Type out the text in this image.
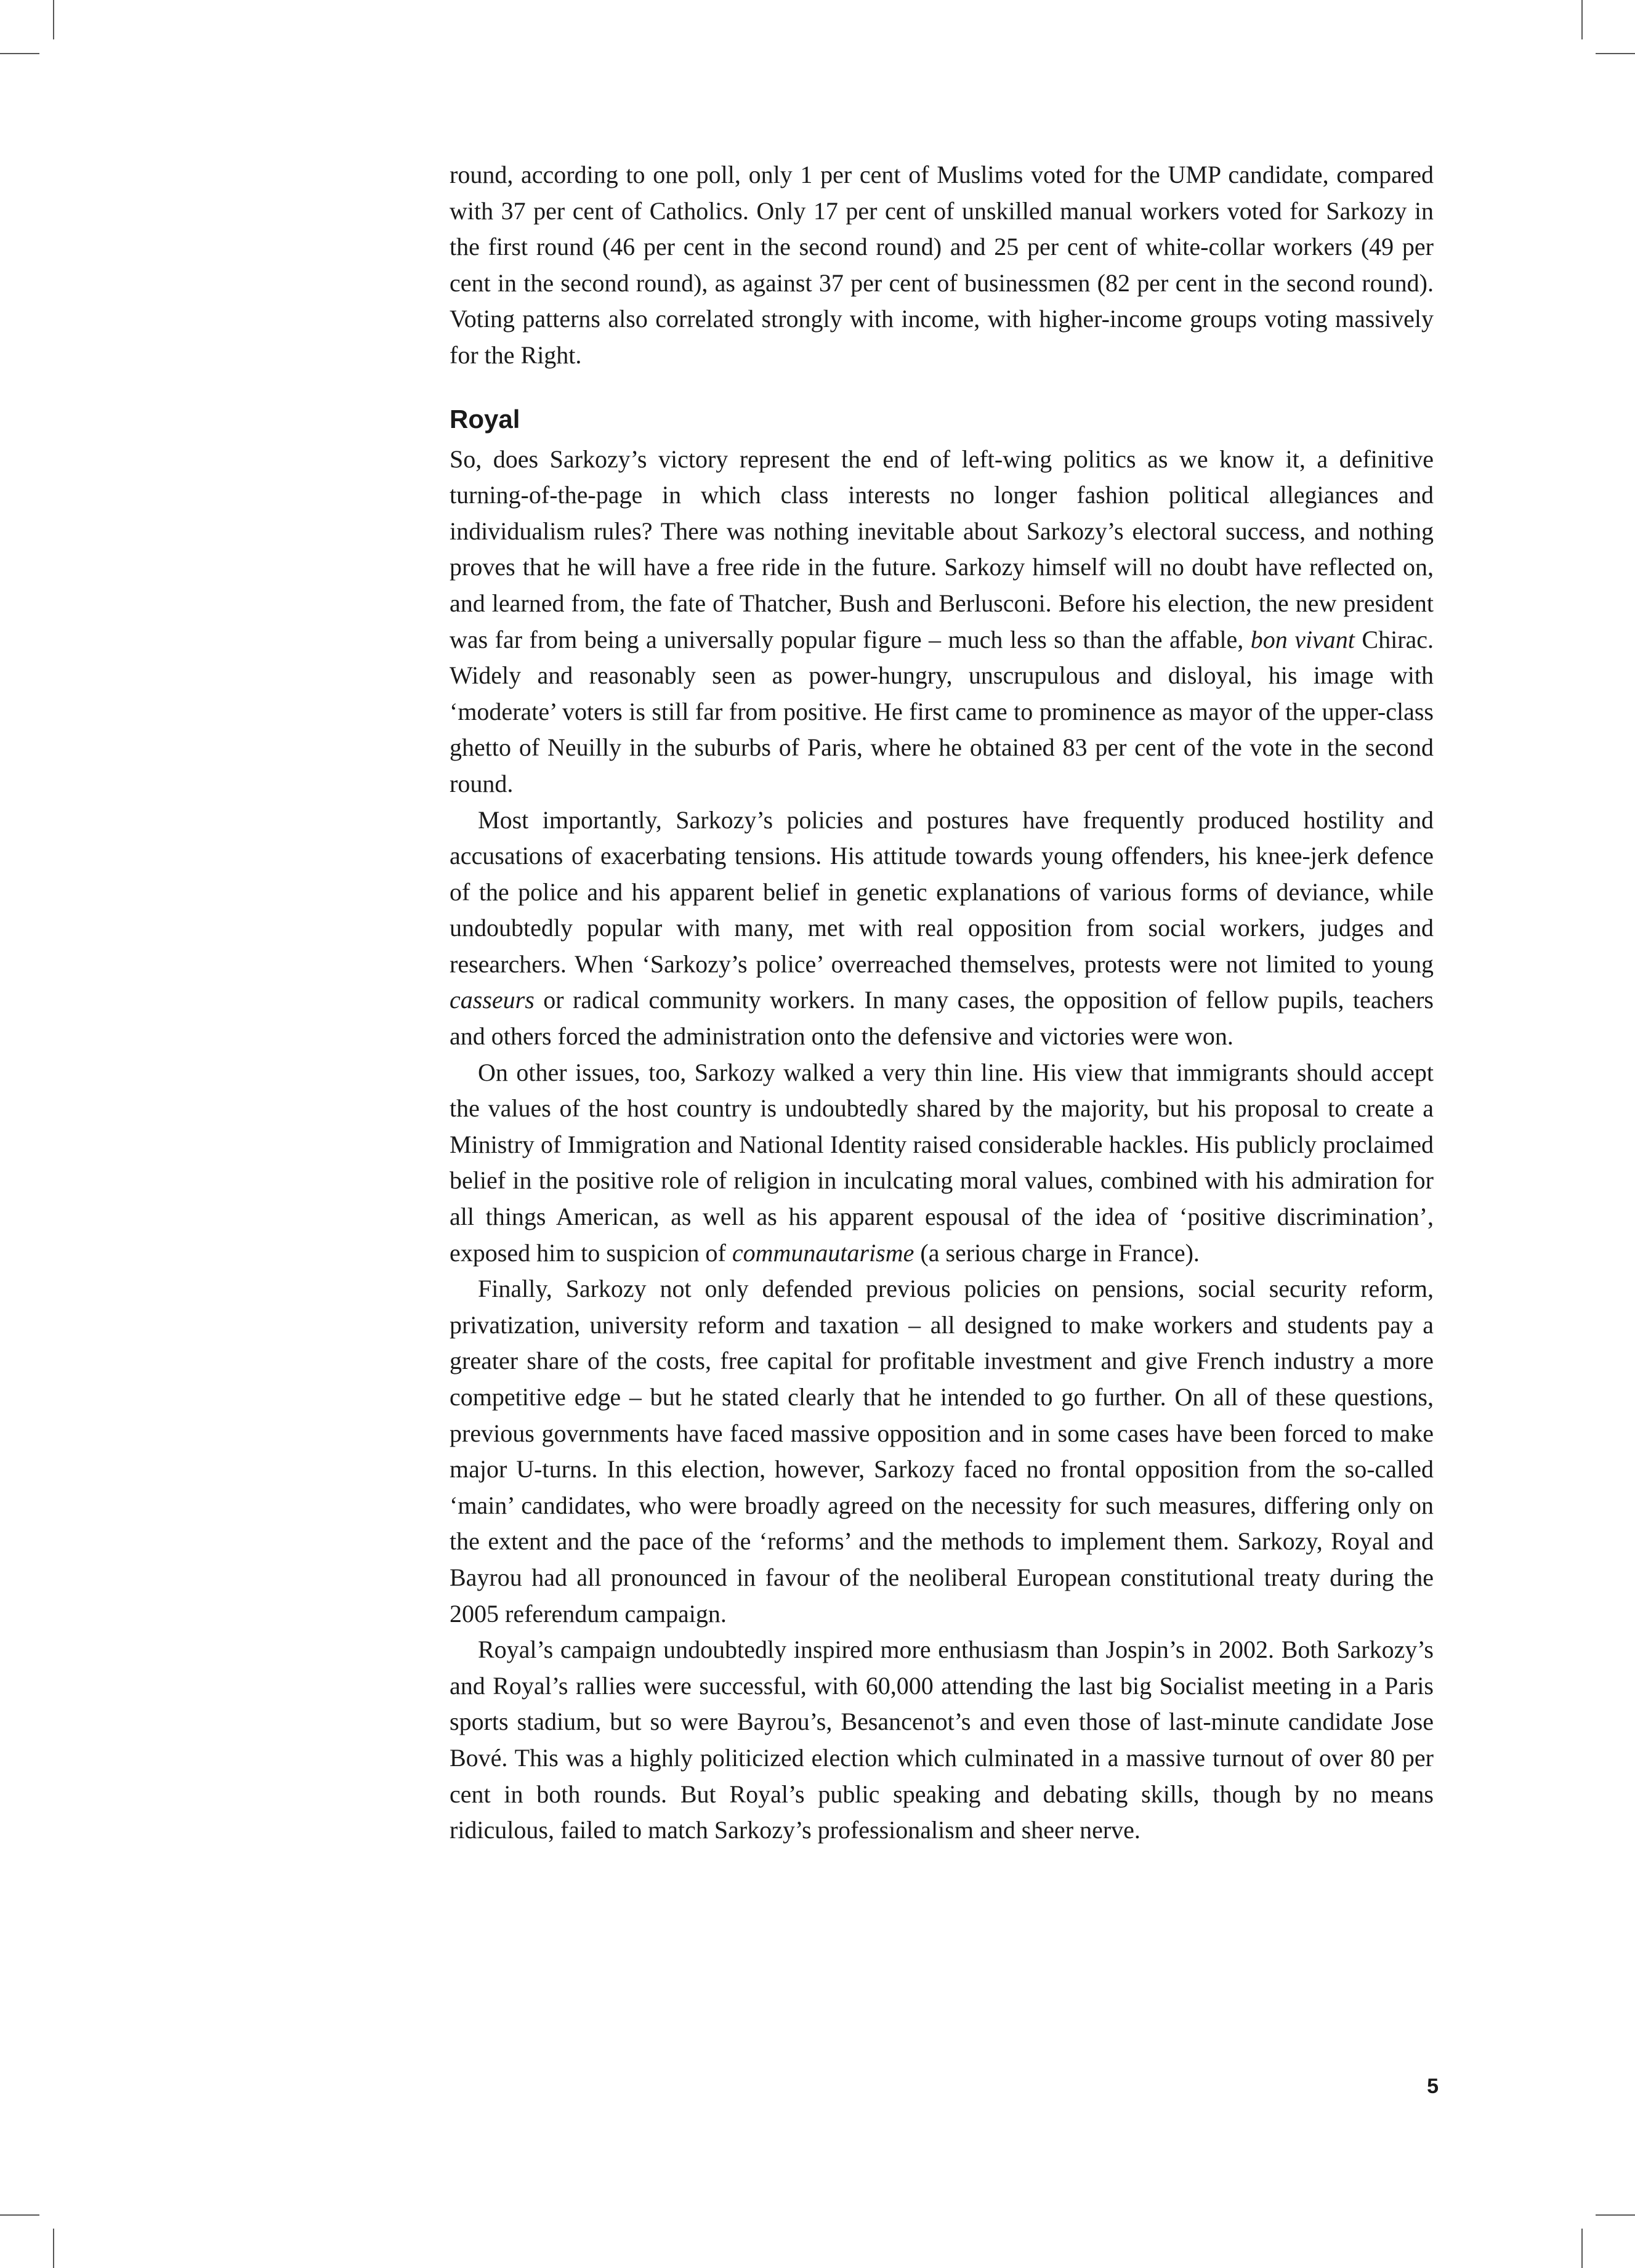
round, according to one poll, only 1 per cent of Muslims voted for the UMP candidate, compared with 37 per cent of Catholics. Only 17 per cent of unskilled manual workers voted for Sarkozy in the first round (46 per cent in the second round) and 25 per cent of white-collar workers (49 per cent in the second round), as against 37 per cent of businessmen (82 per cent in the second round). Voting patterns also correlated strongly with income, with higher-income groups voting massively for the Right.

Royal

So, does Sarkozy’s victory represent the end of left-wing politics as we know it, a definitive turning-of-the-page in which class interests no longer fashion political allegiances and individualism rules? There was nothing inevitable about Sarkozy’s electoral success, and nothing proves that he will have a free ride in the future. Sarkozy himself will no doubt have reflected on, and learned from, the fate of Thatcher, Bush and Berlusconi. Before his election, the new president was far from being a universally popular figure – much less so than the affable, bon vivant Chirac. Widely and reasonably seen as power-hungry, unscrupulous and disloyal, his image with ‘moderate’ voters is still far from positive. He first came to prominence as mayor of the upper-class ghetto of Neuilly in the suburbs of Paris, where he obtained 83 per cent of the vote in the second round.

Most importantly, Sarkozy’s policies and postures have frequently produced hostility and accusations of exacerbating tensions. His attitude towards young offenders, his knee-jerk defence of the police and his apparent belief in genetic explanations of various forms of deviance, while undoubtedly popular with many, met with real opposition from social workers, judges and researchers. When ‘Sarkozy’s police’ overreached themselves, protests were not limited to young casseurs or radical community workers. In many cases, the opposition of fellow pupils, teachers and others forced the administration onto the defensive and victories were won.

On other issues, too, Sarkozy walked a very thin line. His view that immigrants should accept the values of the host country is undoubtedly shared by the majority, but his proposal to create a Ministry of Immigration and National Identity raised considerable hackles. His publicly proclaimed belief in the positive role of religion in inculcating moral values, combined with his admiration for all things American, as well as his apparent espousal of the idea of ‘positive discrimination’, exposed him to suspicion of communautarisme (a serious charge in France).

Finally, Sarkozy not only defended previous policies on pensions, social security reform, privatization, university reform and taxation – all designed to make workers and students pay a greater share of the costs, free capital for profitable investment and give French industry a more competitive edge – but he stated clearly that he intended to go further. On all of these questions, previous governments have faced massive opposition and in some cases have been forced to make major U-turns. In this election, however, Sarkozy faced no frontal opposition from the so-called ‘main’ candidates, who were broadly agreed on the necessity for such measures, differing only on the extent and the pace of the ‘reforms’ and the methods to implement them. Sarkozy, Royal and Bayrou had all pronounced in favour of the neoliberal European constitutional treaty during the 2005 referendum campaign.

Royal’s campaign undoubtedly inspired more enthusiasm than Jospin’s in 2002. Both Sarkozy’s and Royal’s rallies were successful, with 60,000 attending the last big Socialist meeting in a Paris sports stadium, but so were Bayrou’s, Besancenot’s and even those of last-minute candidate Jose Bové. This was a highly politicized election which culminated in a massive turnout of over 80 per cent in both rounds. But Royal’s public speaking and debating skills, though by no means ridiculous, failed to match Sarkozy’s professionalism and sheer nerve.

5
